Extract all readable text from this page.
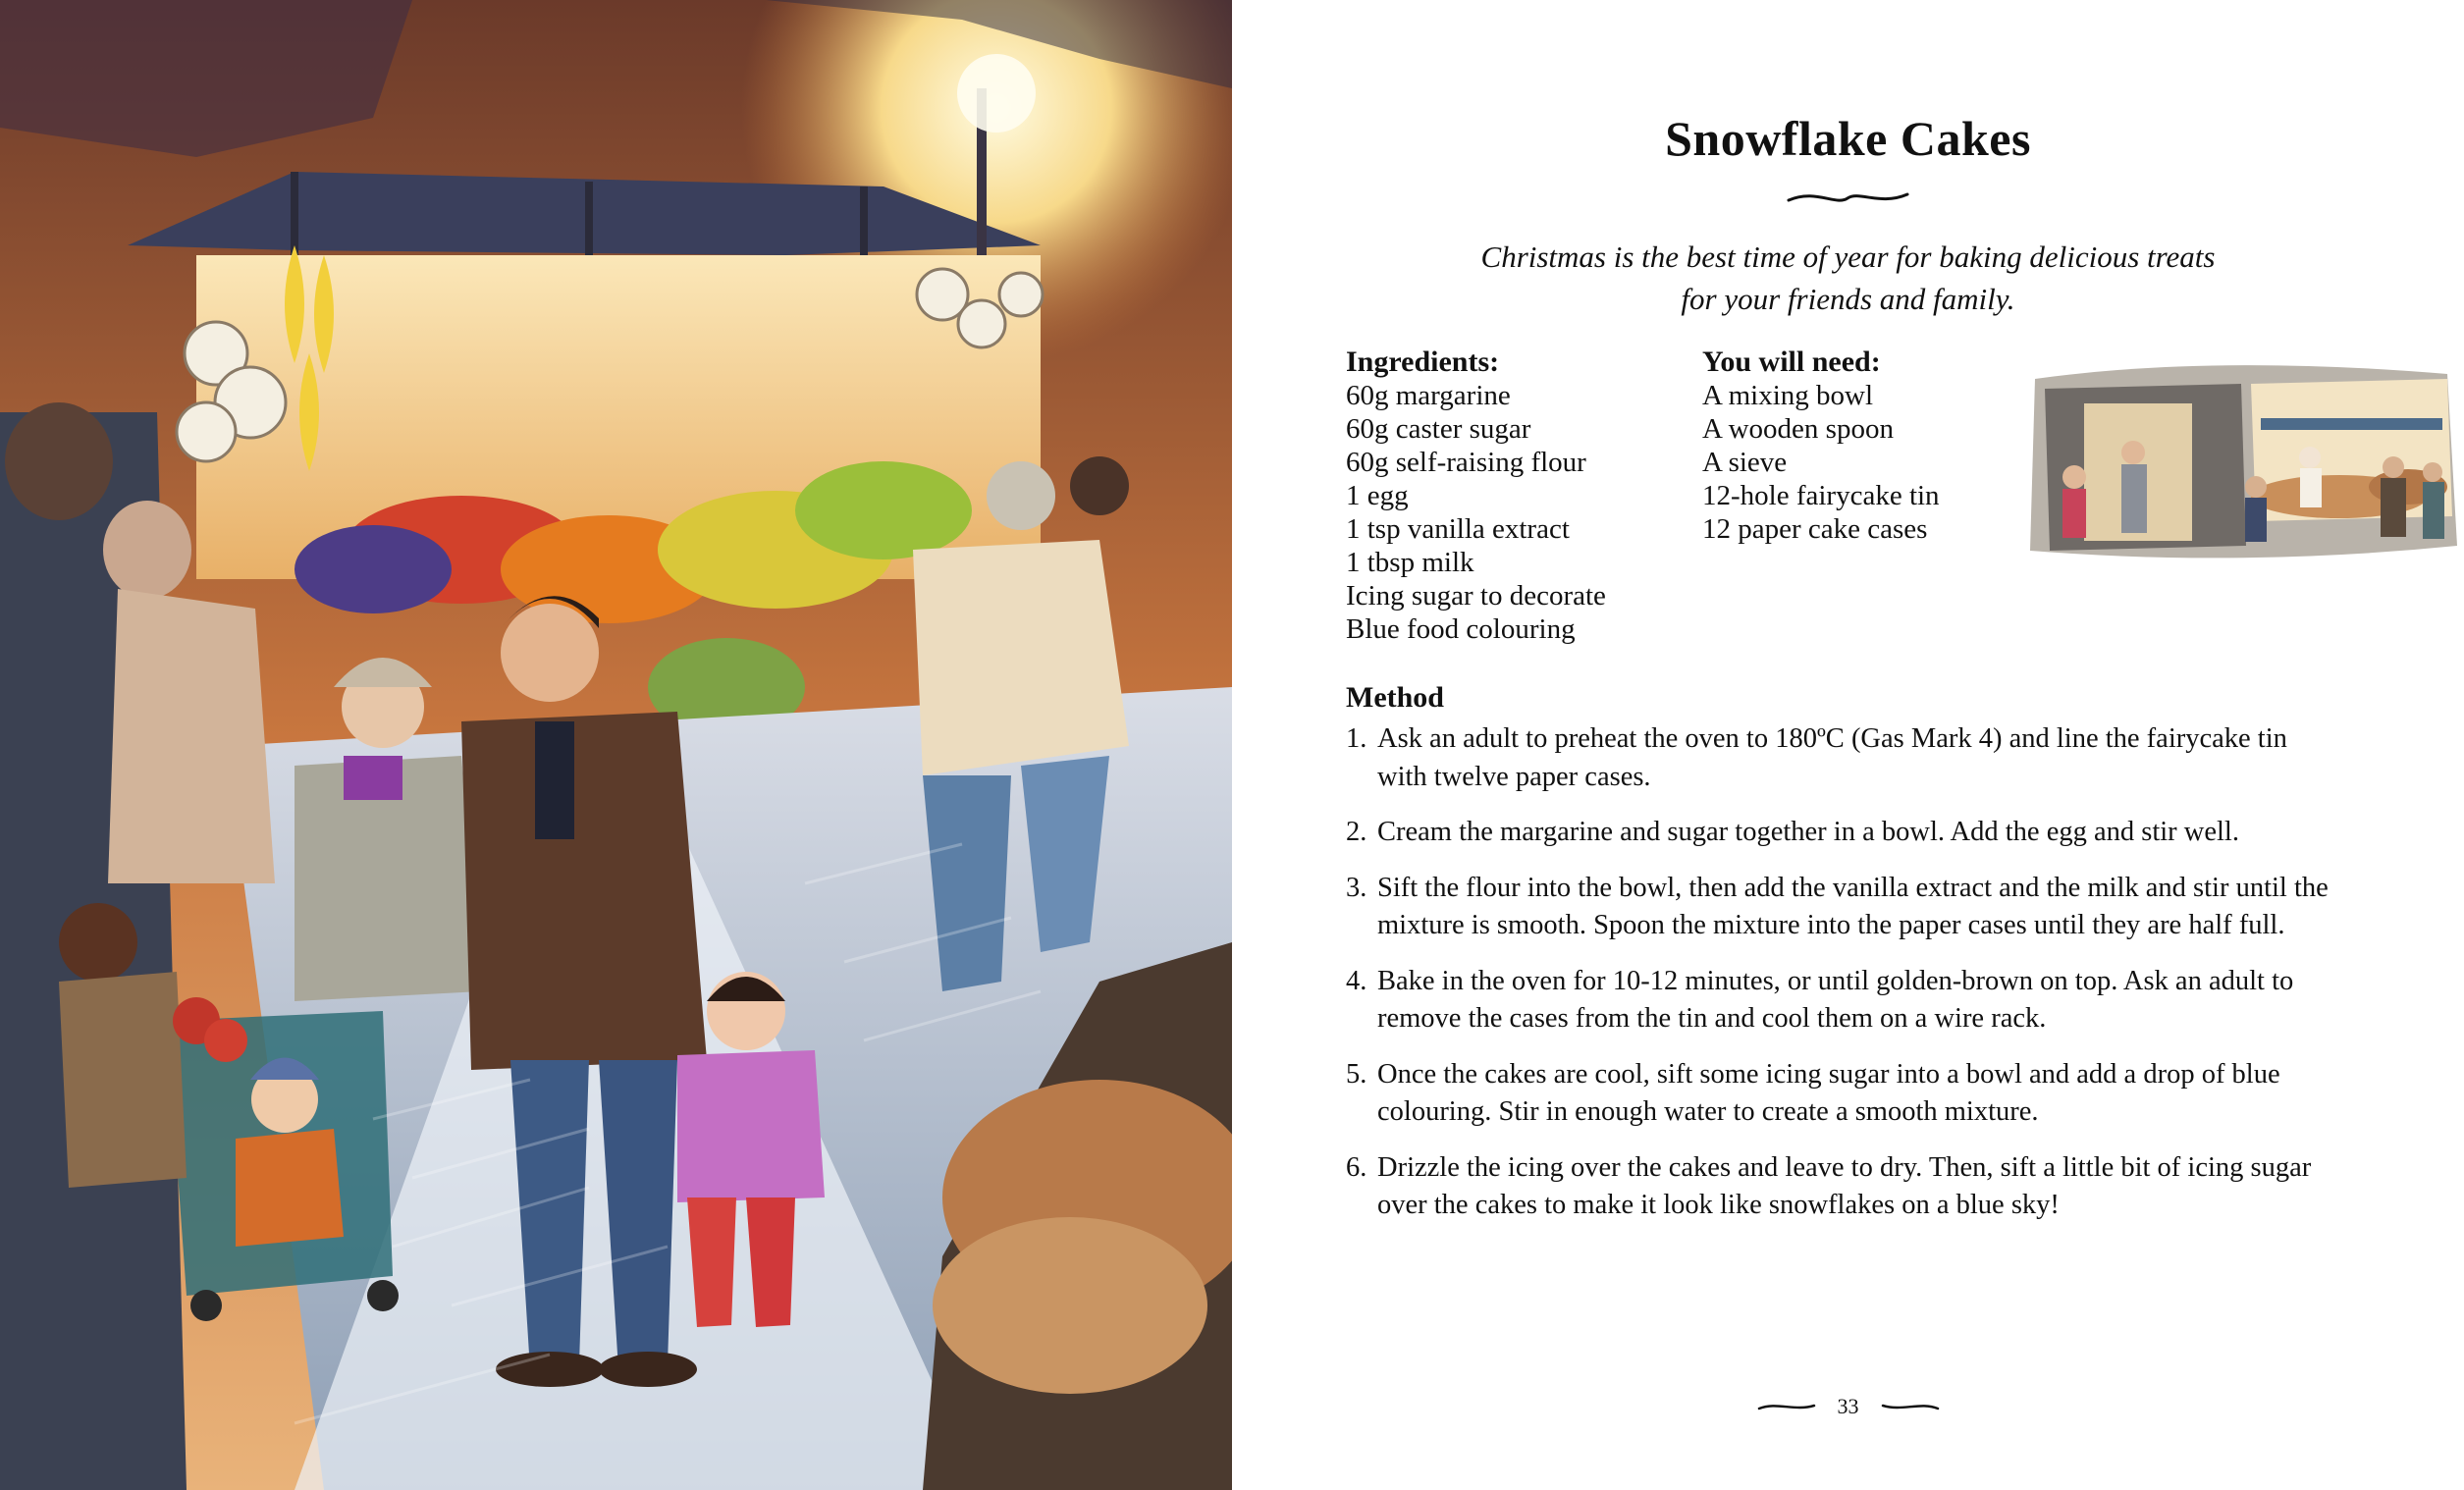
Snowflake Cakes
Christmas is the best time of year for baking delicious treats
for your friends and family.
Ingredients:
60g margarine
60g caster sugar
60g self-raising flour
1 egg
1 tsp vanilla extract
1 tbsp milk
Icing sugar to decorate
Blue food colouring
You will need:
A mixing bowl
A wooden spoon
A sieve
12-hole fairycake tin
12 paper cake cases
Method
1. Ask an adult to preheat the oven to 180ºC (Gas Mark 4) and line the fairycake tin with twelve paper cases.
2. Cream the margarine and sugar together in a bowl. Add the egg and stir well.
3. Sift the flour into the bowl, then add the vanilla extract and the milk and stir until the mixture is smooth. Spoon the mixture into the paper cases until they are half full.
4. Bake in the oven for 10-12 minutes, or until golden-brown on top. Ask an adult to remove the cases from the tin and cool them on a wire rack.
5. Once the cakes are cool, sift some icing sugar into a bowl and add a drop of blue colouring. Stir in enough water to create a smooth mixture.
6. Drizzle the icing over the cakes and leave to dry. Then, sift a little bit of icing sugar over the cakes to make it look like snowflakes on a blue sky!
33
